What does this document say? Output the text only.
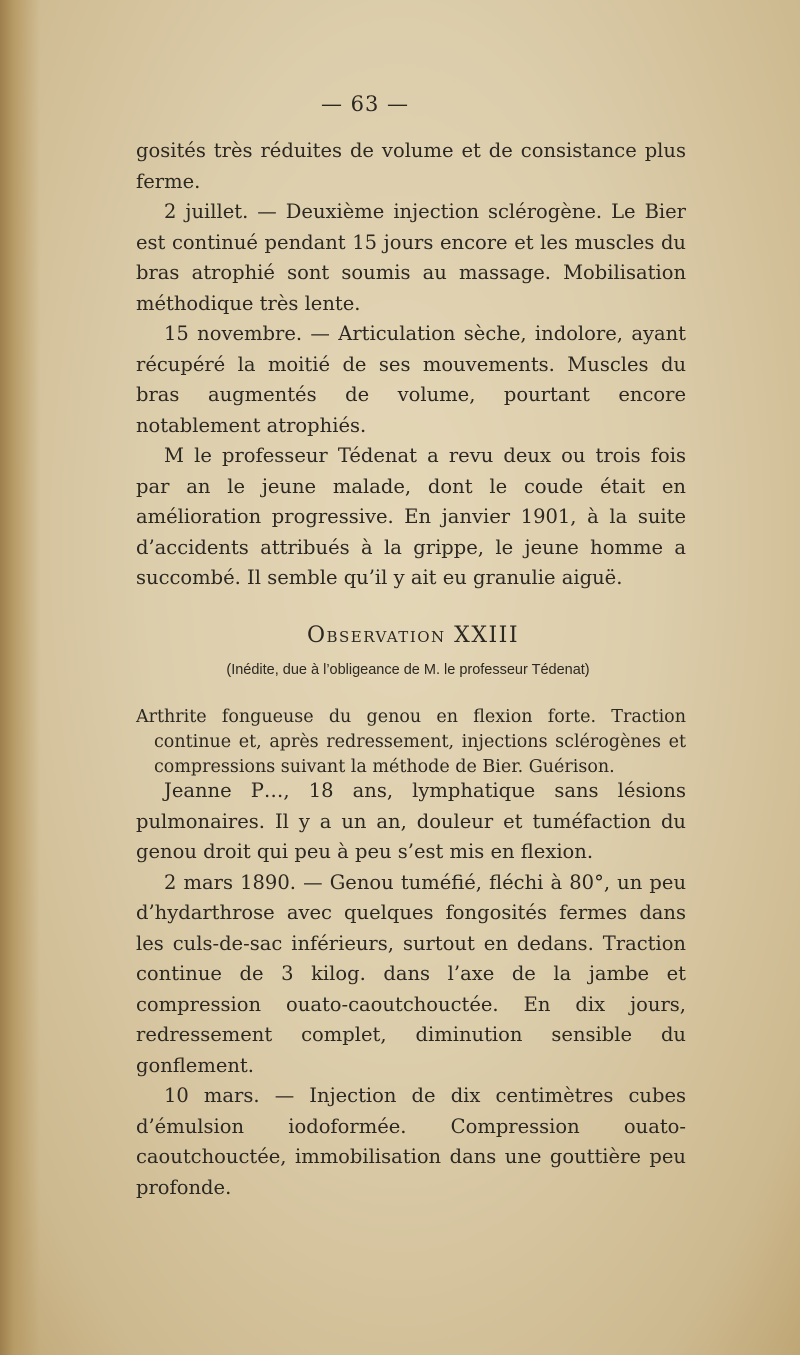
— 63 —

gosités très réduites de volume et de consistance plus ferme.

2 juillet. — Deuxième injection sclérogène. Le Bier est continué pendant 15 jours encore et les muscles du bras atrophié sont soumis au massage. Mobilisation méthodique très lente.

15 novembre. — Articulation sèche, indolore, ayant récupéré la moitié de ses mouvements. Muscles du bras augmentés de volume, pourtant encore notablement atrophiés.

M le professeur Tédenat a revu deux ou trois fois par an le jeune malade, dont le coude était en amélioration progressive. En janvier 1901, à la suite d’accidents attribués à la grippe, le jeune homme a succombé. Il semble qu’il y ait eu granulie aiguë.

Observation XXIII
(Inédite, due à l’obligeance de M. le professeur Tédenat)

Arthrite fongueuse du genou en flexion forte. Traction continue et, après redressement, injections sclérogènes et compressions suivant la méthode de Bier. Guérison.

Jeanne P…, 18 ans, lymphatique sans lésions pulmonaires. Il y a un an, douleur et tuméfaction du genou droit qui peu à peu s’est mis en flexion.

2 mars 1890. — Genou tuméfié, fléchi à 80°, un peu d’hydarthrose avec quelques fongosités fermes dans les culs-de-sac inférieurs, surtout en dedans. Traction continue de 3 kilog. dans l’axe de la jambe et compression ouato-caoutchouctée. En dix jours, redressement complet, diminution sensible du gonflement.

10 mars. — Injection de dix centimètres cubes d’émulsion iodoformée. Compression ouato-caoutchouctée, immobilisation dans une gouttière peu profonde.
